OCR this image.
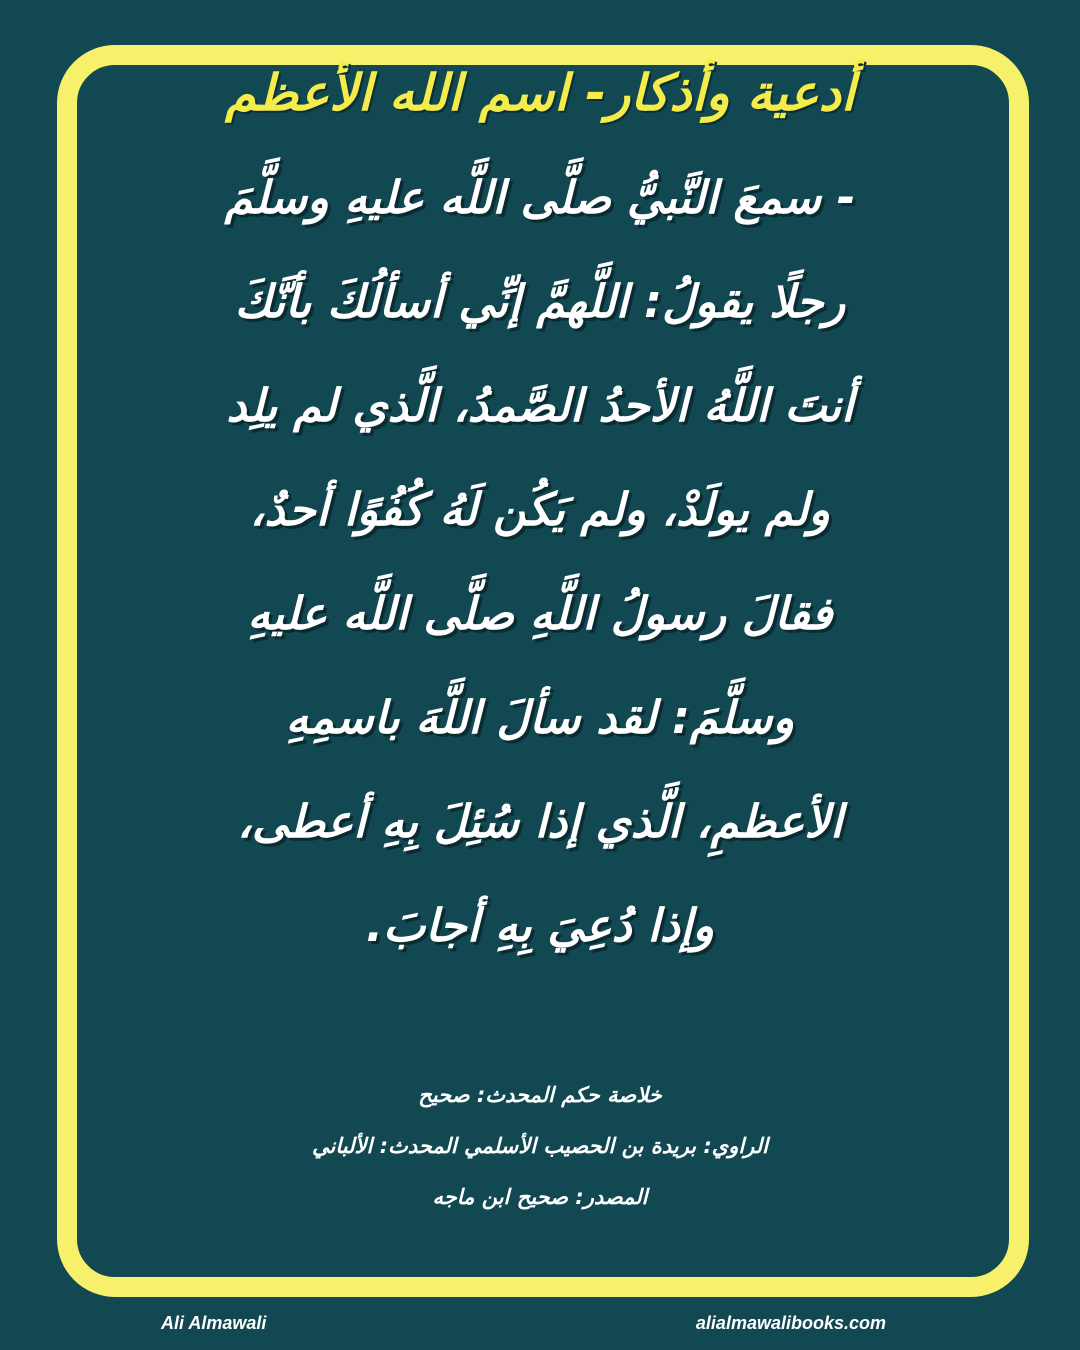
أدعية وأذكار- اسم الله الأعظم
- سمعَ النَّبيُّ صلَّى اللَّه عليهِ وسلَّمَ
رجلًا يقولُ: اللَّهمَّ إنِّي أسألُكَ بأنَّكَ
أنتَ اللَّهُ الأحدُ الصَّمدُ، الَّذي لم يلِد
ولم يولَدْ، ولم يَكُن لَهُ كُفُوًا أحدٌ،
فقالَ رسولُ اللَّهِ صلَّى اللَّه عليهِ
وسلَّمَ: لقد سألَ اللَّهَ باسمِهِ
الأعظمِ، الَّذي إذا سُئِلَ بِهِ أعطى،
وإذا دُعِيَ بِهِ أجابَ.
خلاصة حكم المحدث: صحيح
الراوي: بريدة بن الحصيب الأسلمي المحدث: الألباني
المصدر: صحيح ابن ماجه
Ali Almawali	alialmawalibooks.com
